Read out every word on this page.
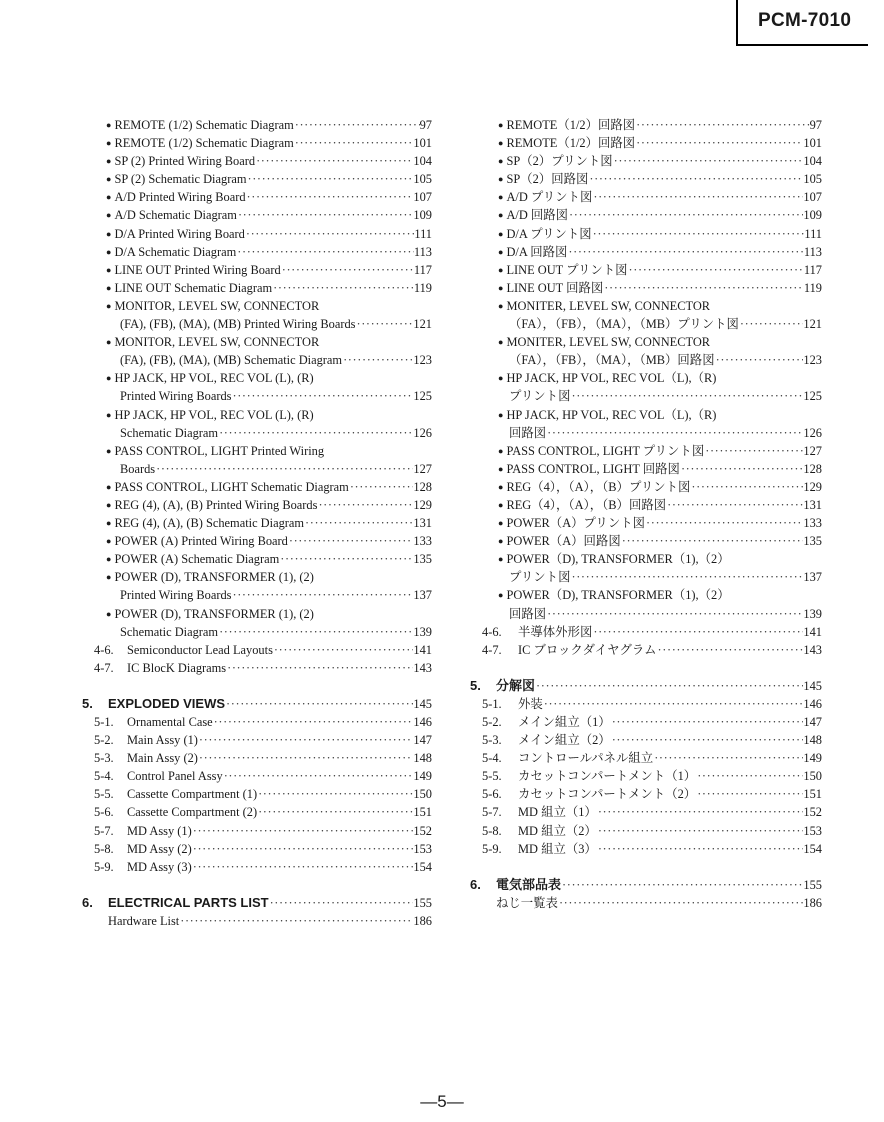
PCM-7010
● REMOTE (1/2) Schematic Diagram ·····	97
● REMOTE (1/2) Schematic Diagram ·····	101
● SP (2) Printed Wiring Board ·····	104
● SP (2) Schematic Diagram ·····	105
● A/D Printed Wiring Board ·····	107
● A/D Schematic Diagram ·····	109
● D/A Printed Wiring Board ·····	111
● D/A Schematic Diagram ·····	113
● LINE OUT Printed Wiring Board ·····	117
● LINE OUT Schematic Diagram ·····	119
● MONITOR, LEVEL SW, CONNECTOR
(FA), (FB), (MA), (MB) Printed Wiring Boards ·····	121
● MONITOR, LEVEL SW, CONNECTOR
(FA), (FB), (MA), (MB) Schematic Diagram ·····	123
● HP JACK, HP VOL, REC VOL (L), (R)
Printed Wiring Boards ·····	125
● HP JACK, HP VOL, REC VOL (L), (R)
Schematic Diagram ·····	126
● PASS CONTROL, LIGHT Printed Wiring
Boards ·····	127
● PASS CONTROL, LIGHT Schematic Diagram ·····	128
● REG (4), (A), (B) Printed Wiring Boards ·····	129
● REG (4), (A), (B) Schematic Diagram ·····	131
● POWER (A) Printed Wiring Board ·····	133
● POWER (A) Schematic Diagram ·····	135
● POWER (D), TRANSFORMER (1), (2)
Printed Wiring Boards ·····	137
● POWER (D), TRANSFORMER (1), (2)
Schematic Diagram ·····	139
4-6. Semiconductor Lead Layouts ·····	141
4-7. IC BlocK Diagrams ·····	143
5. EXPLODED VIEWS ·····	145
5-1. Ornamental Case ·····	146
5-2. Main Assy (1) ·····	147
5-3. Main Assy (2) ·····	148
5-4. Control Panel Assy ·····	149
5-5. Cassette Compartment (1) ·····	150
5-6. Cassette Compartment (2) ·····	151
5-7. MD Assy (1) ·····	152
5-8. MD Assy (2) ·····	153
5-9. MD Assy (3) ·····	154
6. ELECTRICAL PARTS LIST ·····	155
Hardware List ·····	186
● REMOTE（1/2）回路図 ·····	97
● REMOTE（1/2）回路図 ·····	101
● SP（2）プリント図 ·····	104
● SP（2）回路図 ·····	105
● A/D プリント図 ·····	107
● A/D 回路図 ·····	109
● D/A プリント図 ·····	111
● D/A 回路図 ·····	113
● LINE OUT プリント図 ·····	117
● LINE OUT 回路図 ·····	119
● MONITER, LEVEL SW, CONNECTOR
（FA），（FB），（MA），（MB）プリント図 ·····	121
● MONITER, LEVEL SW, CONNECTOR
（FA），（FB），（MA），（MB）回路図 ·····	123
● HP JACK, HP VOL, REC VOL（L),（R)
プリント図 ·····	125
● HP JACK, HP VOL, REC VOL（L),（R)
回路図 ·····	126
● PASS CONTROL, LIGHT プリント図 ·····	127
● PASS CONTROL, LIGHT 回路図 ·····	128
● REG（4），（A），（B）プリント図 ·····	129
● REG（4），（A），（B）回路図 ·····	131
● POWER（A）プリント図 ·····	133
● POWER（A）回路図 ·····	135
● POWER（D), TRANSFORMER（1),（2）
プリント図 ·····	137
● POWER（D), TRANSFORMER（1),（2）
回路図 ·····	139
4-6. 半導体外形図 ·····	141
4-7. IC ブロックダイヤグラム ·····	143
5. 分解図 ·····	145
5-1. 外装 ·····	146
5-2. メイン組立（1） ·····	147
5-3. メイン組立（2） ·····	148
5-4. コントロールパネル組立 ·····	149
5-5. カセットコンパートメント（1） ·····	150
5-6. カセットコンパートメント（2） ·····	151
5-7. MD 組立（1） ·····	152
5-8. MD 組立（2） ·····	153
5-9. MD 組立（3） ·····	154
6. 電気部品表 ·····	155
ねじ一覧表 ·····	186
—5—
